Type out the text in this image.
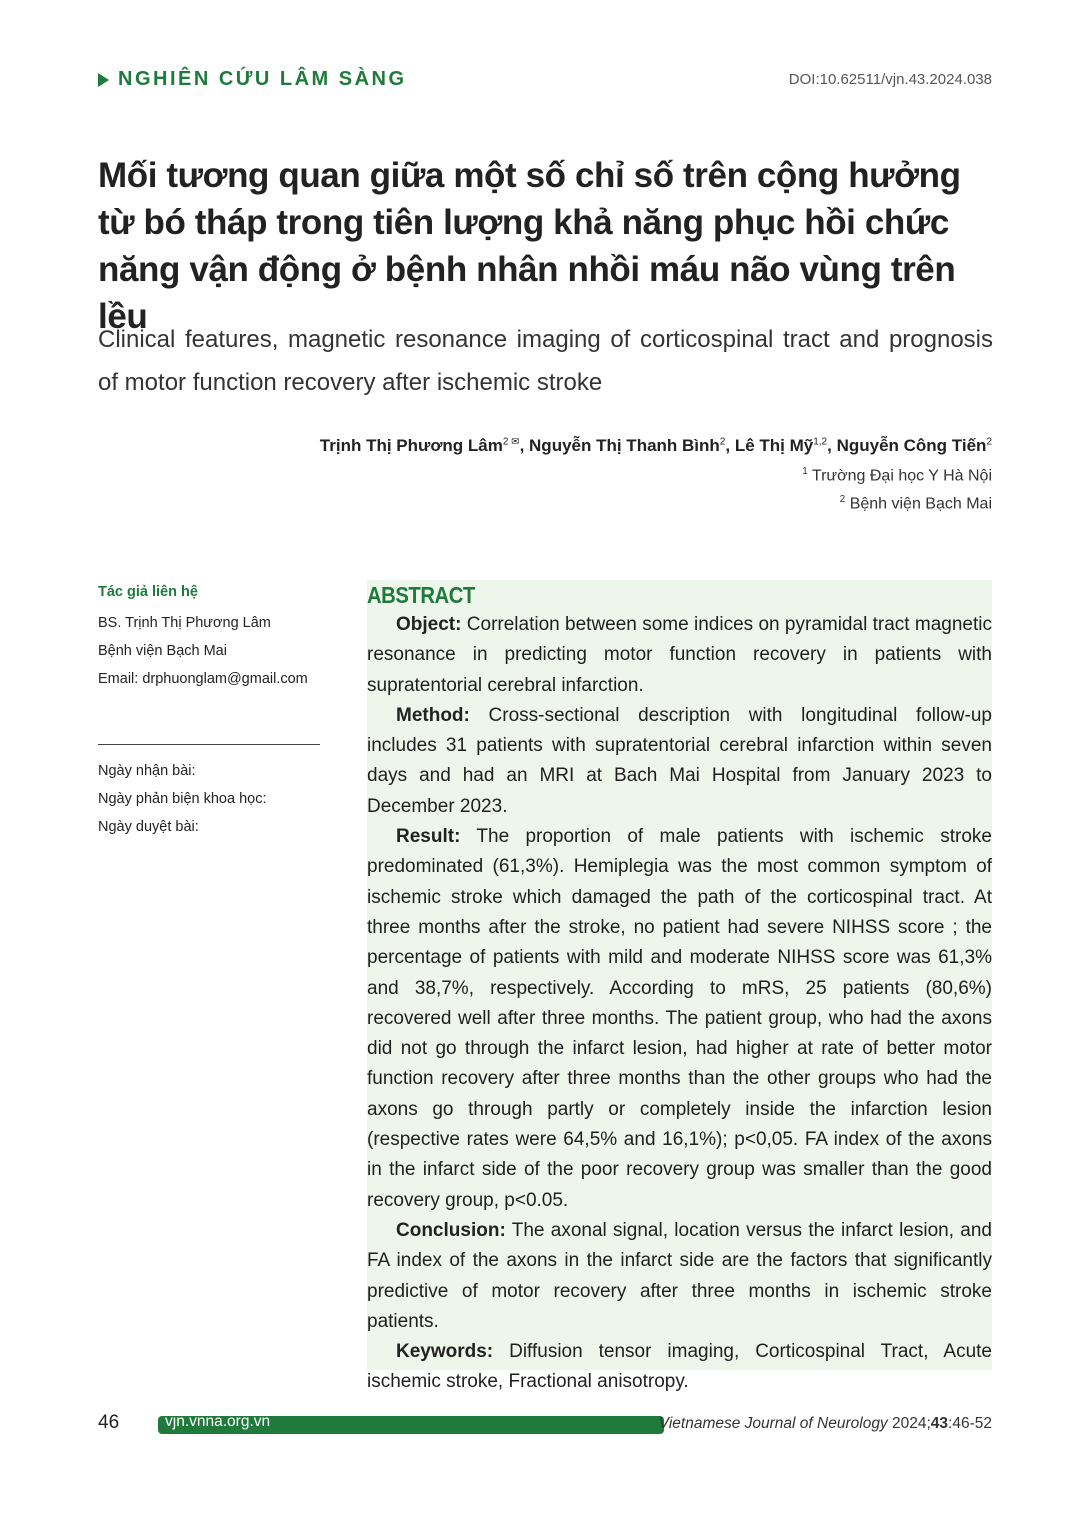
NGHIÊN CỨU LÂM SÀNG	DOI:10.62511/vjn.43.2024.038
Mối tương quan giữa một số chỉ số trên cộng hưởng từ bó tháp trong tiên lượng khả năng phục hồi chức năng vận động ở bệnh nhân nhồi máu não vùng trên lều
Clinical features, magnetic resonance imaging of corticospinal tract and prognosis of motor function recovery after ischemic stroke
Trịnh Thị Phương Lâm$^{2 ✉}$, Nguyễn Thị Thanh Bình$^2$, Lê Thị Mỹ$^{1,2}$, Nguyễn Công Tiến$^2$
$^1$ Trường Đại học Y Hà Nội
$^2$ Bệnh viện Bạch Mai
Tác giả liên hệ
BS. Trịnh Thị Phương Lâm
Bệnh viện Bạch Mai
Email: drphuonglam@gmail.com
Ngày nhận bài:
Ngày phản biện khoa học:
Ngày duyệt bài:
ABSTRACT

Object: Correlation between some indices on pyramidal tract magnetic resonance in predicting motor function recovery in patients with supratentorial cerebral infarction.

Method: Cross-sectional description with longitudinal follow-up includes 31 patients with supratentorial cerebral infarction within seven days and had an MRI at Bach Mai Hospital from January 2023 to December 2023.

Result: The proportion of male patients with ischemic stroke predominated (61,3%). Hemiplegia was the most common symptom of ischemic stroke which damaged the path of the corticospinal tract. At three months after the stroke, no patient had severe NIHSS score ; the percentage of patients with mild and moderate NIHSS score was 61,3% and 38,7%, respectively. According to mRS, 25 patients (80,6%) recovered well after three months. The patient group, who had the axons did not go through the infarct lesion, had higher at rate of better motor function recovery after three months than the other groups who had the axons go through partly or completely inside the infarction lesion (respective rates were 64,5% and 16,1%); p<0,05. FA index of the axons in the infarct side of the poor recovery group was smaller than the good recovery group, p<0.05.

Conclusion: The axonal signal, location versus the infarct lesion, and FA index of the axons in the infarct side are the factors that significantly predictive of motor recovery after three months in ischemic stroke patients.

Keywords: Diffusion tensor imaging, Corticospinal Tract, Acute ischemic stroke, Fractional anisotropy.

46	vjn.vnna.org.vn	Vietnamese Journal of Neurology 2024;43:46-52
